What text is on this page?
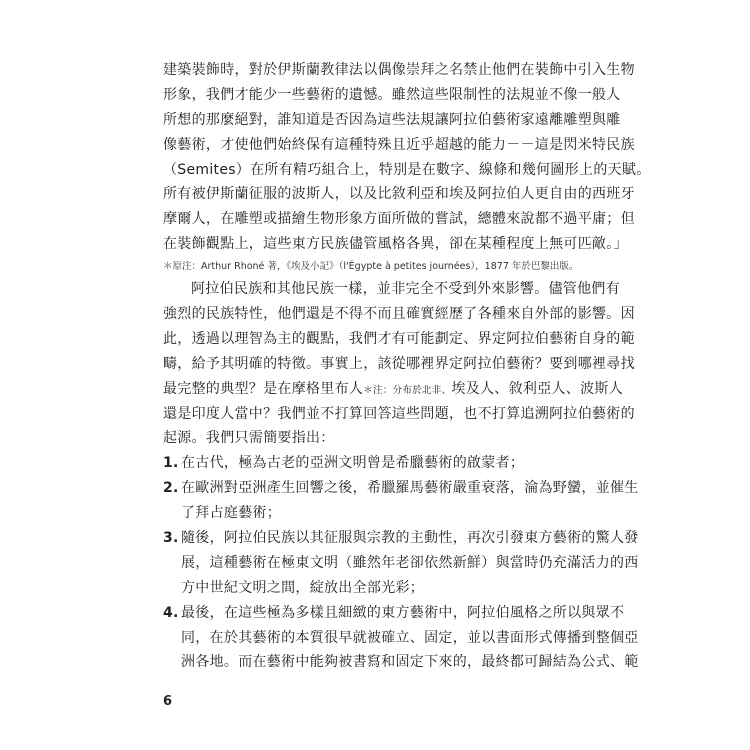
建築裝飾時，對於伊斯蘭教律法以偶像崇拜之名禁止他們在裝飾中引入生物
形象，我們才能少一些藝術的遺憾。雖然這些限制性的法規並不像一般人
所想的那麼絕對，誰知道是否因為這些法規讓阿拉伯藝術家遠離雕塑與雕
像藝術，才使他們始終保有這種特殊且近乎超越的能力－－這是閃米特民族
（Semites）在所有精巧組合上，特別是在數字、線條和幾何圖形上的天賦。
所有被伊斯蘭征服的波斯人，以及比敘利亞和埃及阿拉伯人更自由的西班牙
摩爾人，在雕塑或描繪生物形象方面所做的嘗試，總體來說都不過平庸；但
在裝飾觀點上，這些東方民族儘管風格各異，卻在某種程度上無可匹敵。」
＊原注：Arthur Rhoné 著，《埃及小記》（l'Égypte à petites journées），1877 年於巴黎出版。
阿拉伯民族和其他民族一樣，並非完全不受到外來影響。儘管他們有
強烈的民族特性，他們還是不得不而且確實經歷了各種來自外部的影響。因
此，透過以理智為主的觀點，我們才有可能劃定、界定阿拉伯藝術自身的範
疇，給予其明確的特徵。事實上，該從哪裡界定阿拉伯藝術？要到哪裡尋找
最完整的典型？是在摩格里布人＊注：分布於北非、埃及人、敘利亞人、波斯人
還是印度人當中？我們並不打算回答這些問題，也不打算追溯阿拉伯藝術的
起源。我們只需簡要指出：
1. 在古代，極為古老的亞洲文明曾是希臘藝術的啟蒙者；
2. 在歐洲對亞洲產生回響之後，希臘羅馬藝術嚴重衰落，淪為野蠻，並催生
了拜占庭藝術；
3. 隨後，阿拉伯民族以其征服與宗教的主動性，再次引發東方藝術的驚人發
展，這種藝術在極東文明（雖然年老卻依然新鮮）與當時仍充滿活力的西
方中世紀文明之間，綻放出全部光彩；
4. 最後，在這些極為多樣且細緻的東方藝術中，阿拉伯風格之所以與眾不
同，在於其藝術的本質很早就被確立、固定，並以書面形式傳播到整個亞
洲各地。而在藝術中能夠被書寫和固定下來的，最終都可歸結為公式、範
6
